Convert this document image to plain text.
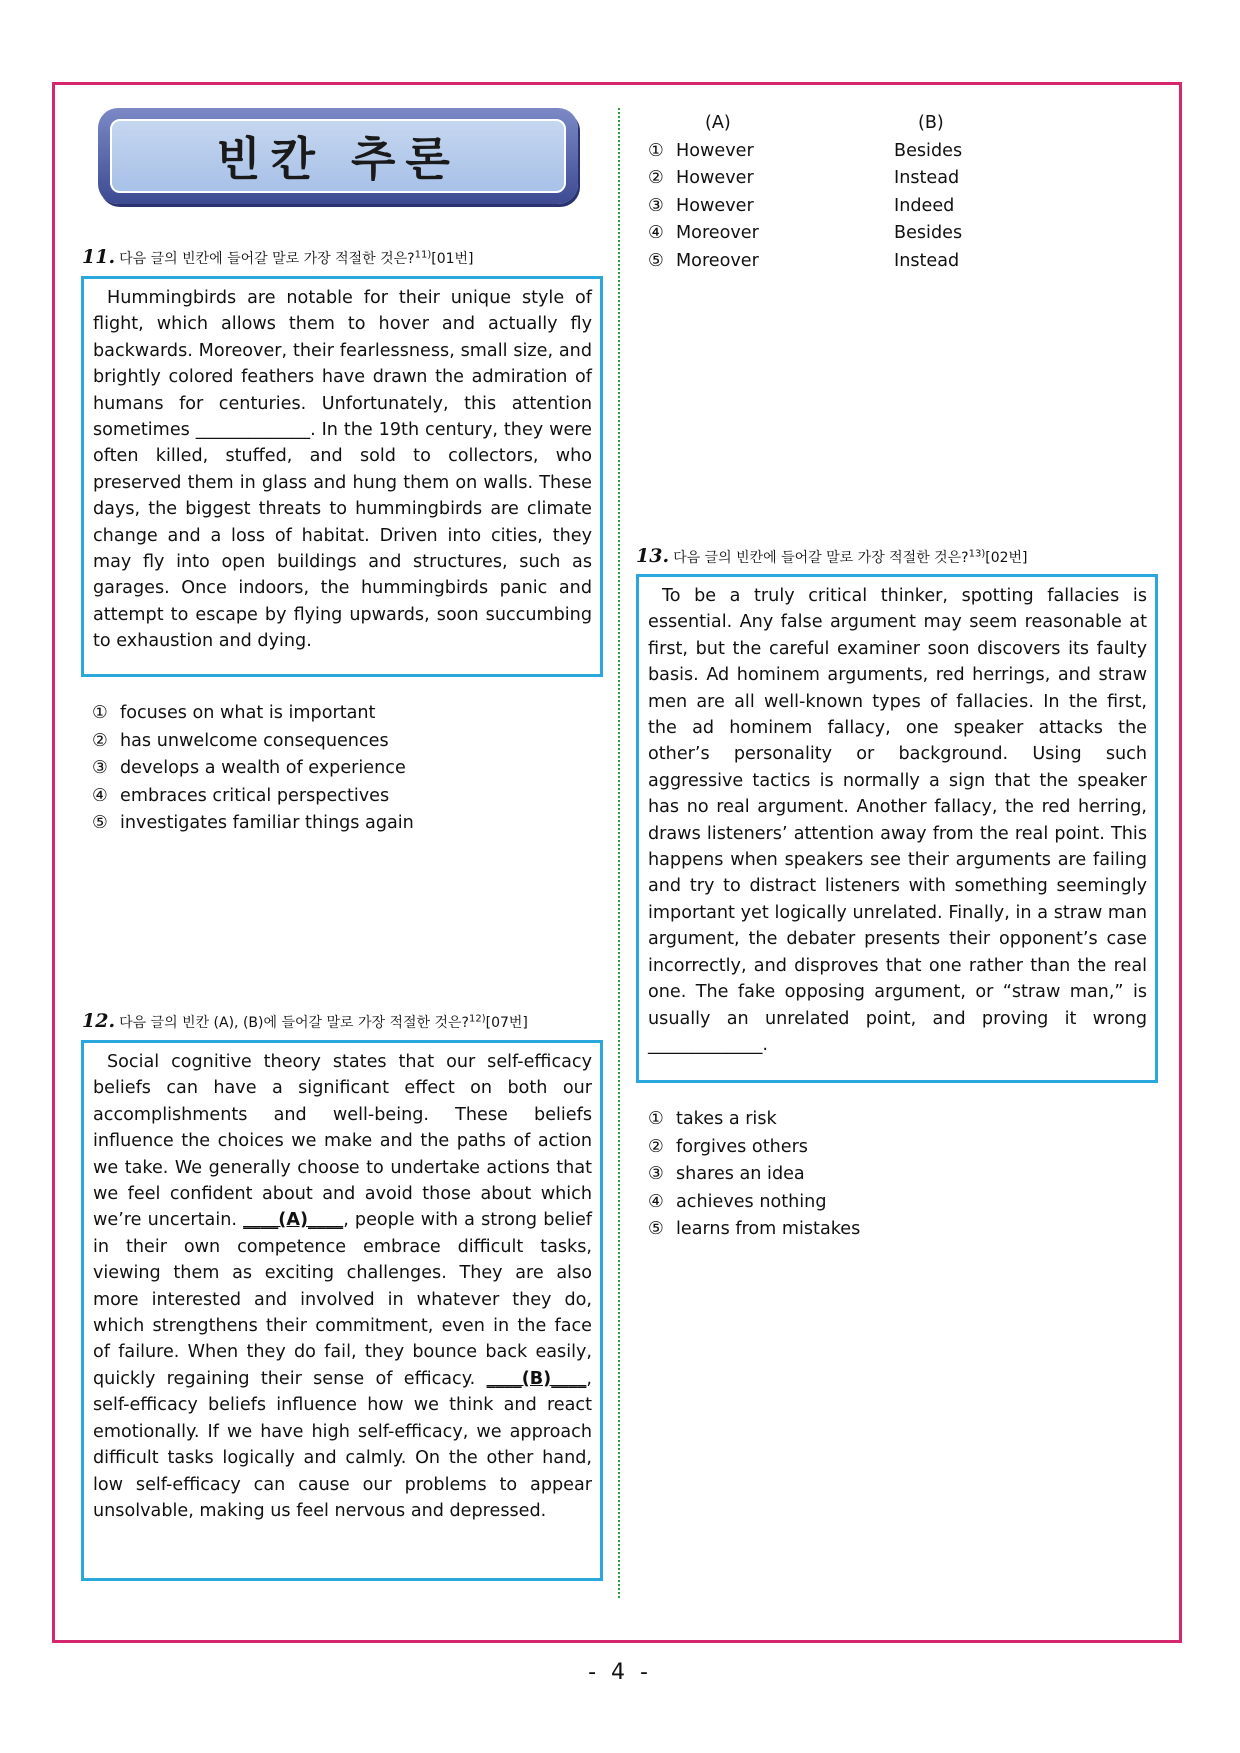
빈칸 추론
11. 다음 글의 빈칸에 들어갈 말로 가장 적절한 것은?$^{11)}$[01번]
Hummingbirds are notable for their unique style of flight, which allows them to hover and actually fly backwards. Moreover, their fearlessness, small size, and brightly colored feathers have drawn the admiration of humans for centuries. Unfortunately, this attention sometimes _____________. In the 19th century, they were often killed, stuffed, and sold to collectors, who preserved them in glass and hung them on walls. These days, the biggest threats to hummingbirds are climate change and a loss of habitat. Driven into cities, they may fly into open buildings and structures, such as garages. Once indoors, the hummingbirds panic and attempt to escape by flying upwards, soon succumbing to exhaustion and dying.
① focuses on what is important
② has unwelcome consequences
③ develops a wealth of experience
④ embraces critical perspectives
⑤ investigates familiar things again
12. 다음 글의 빈칸 (A), (B)에 들어갈 말로 가장 적절한 것은?$^{12)}$[07번]
Social cognitive theory states that our self-efficacy beliefs can have a significant effect on both our accomplishments and well-being. These beliefs influence the choices we make and the paths of action we take. We generally choose to undertake actions that we feel confident about and avoid those about which we’re uncertain. ____(A)____, people with a strong belief in their own competence embrace difficult tasks, viewing them as exciting challenges. They are also more interested and involved in whatever they do, which strengthens their commitment, even in the face of failure. When they do fail, they bounce back easily, quickly regaining their sense of efficacy. ____(B)____, self-efficacy beliefs influence how we think and react emotionally. If we have high self-efficacy, we approach difficult tasks logically and calmly. On the other hand, low self-efficacy can cause our problems to appear unsolvable, making us feel nervous and depressed.
(A)	(B)
① However	Besides
② However	Instead
③ However	Indeed
④ Moreover	Besides
⑤ Moreover	Instead
13. 다음 글의 빈칸에 들어갈 말로 가장 적절한 것은?$^{13)}$[02번]
To be a truly critical thinker, spotting fallacies is essential. Any false argument may seem reasonable at first, but the careful examiner soon discovers its faulty basis. Ad hominem arguments, red herrings, and straw men are all well-known types of fallacies. In the first, the ad hominem fallacy, one speaker attacks the other’s personality or background. Using such aggressive tactics is normally a sign that the speaker has no real argument. Another fallacy, the red herring, draws listeners’ attention away from the real point. This happens when speakers see their arguments are failing and try to distract listeners with something seemingly important yet logically unrelated. Finally, in a straw man argument, the debater presents their opponent’s case incorrectly, and disproves that one rather than the real one. The fake opposing argument, or “straw man,” is usually an unrelated point, and proving it wrong _____________.
① takes a risk
② forgives others
③ shares an idea
④ achieves nothing
⑤ learns from mistakes
- 4 -
